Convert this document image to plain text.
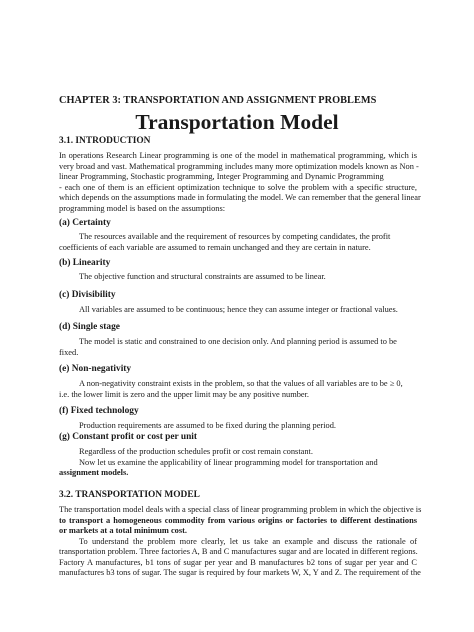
CHAPTER 3: TRANSPORTATION AND ASSIGNMENT PROBLEMS
Transportation Model
3.1. INTRODUCTION
In operations Research Linear programming is one of the model in mathematical programming, which is
very broad and vast. Mathematical programming includes many more optimization models known as Non -
linear Programming, Stochastic programming, Integer Programming and Dynamic Programming
- each one of them is an efficient optimization technique to solve the problem with a specific structure,
which depends on the assumptions made in formulating the model. We can remember that the general linear
programming model is based on the assumptions:
(a) Certainty
The resources available and the requirement of resources by competing candidates, the profit
coefficients of each variable are assumed to remain unchanged and they are certain in nature.
(b) Linearity
The objective function and structural constraints are assumed to be linear.
(c) Divisibility
All variables are assumed to be continuous; hence they can assume integer or fractional values.
(d) Single stage
The model is static and constrained to one decision only. And planning period is assumed to be
fixed.
(e) Non-negativity
A non-negativity constraint exists in the problem, so that the values of all variables are to be ≥ 0,
i.e. the lower limit is zero and the upper limit may be any positive number.
(f) Fixed technology
Production requirements are assumed to be fixed during the planning period.
(g) Constant profit or cost per unit
Regardless of the production schedules profit or cost remain constant.
Now let us examine the applicability of linear programming model for transportation and
assignment models.
3.2. TRANSPORTATION MODEL
The transportation model deals with a special class of linear programming problem in which the objective is
to transport a homogeneous commodity from various origins or factories to different destinations
or markets at a total minimum cost.
To understand the problem more clearly, let us take an example and discuss the rationale of
transportation problem. Three factories A, B and C manufactures sugar and are located in different regions.
Factory A manufactures, b1 tons of sugar per year and B manufactures b2 tons of sugar per year and C
manufactures b3 tons of sugar. The sugar is required by four markets W, X, Y and Z. The requirement of the
